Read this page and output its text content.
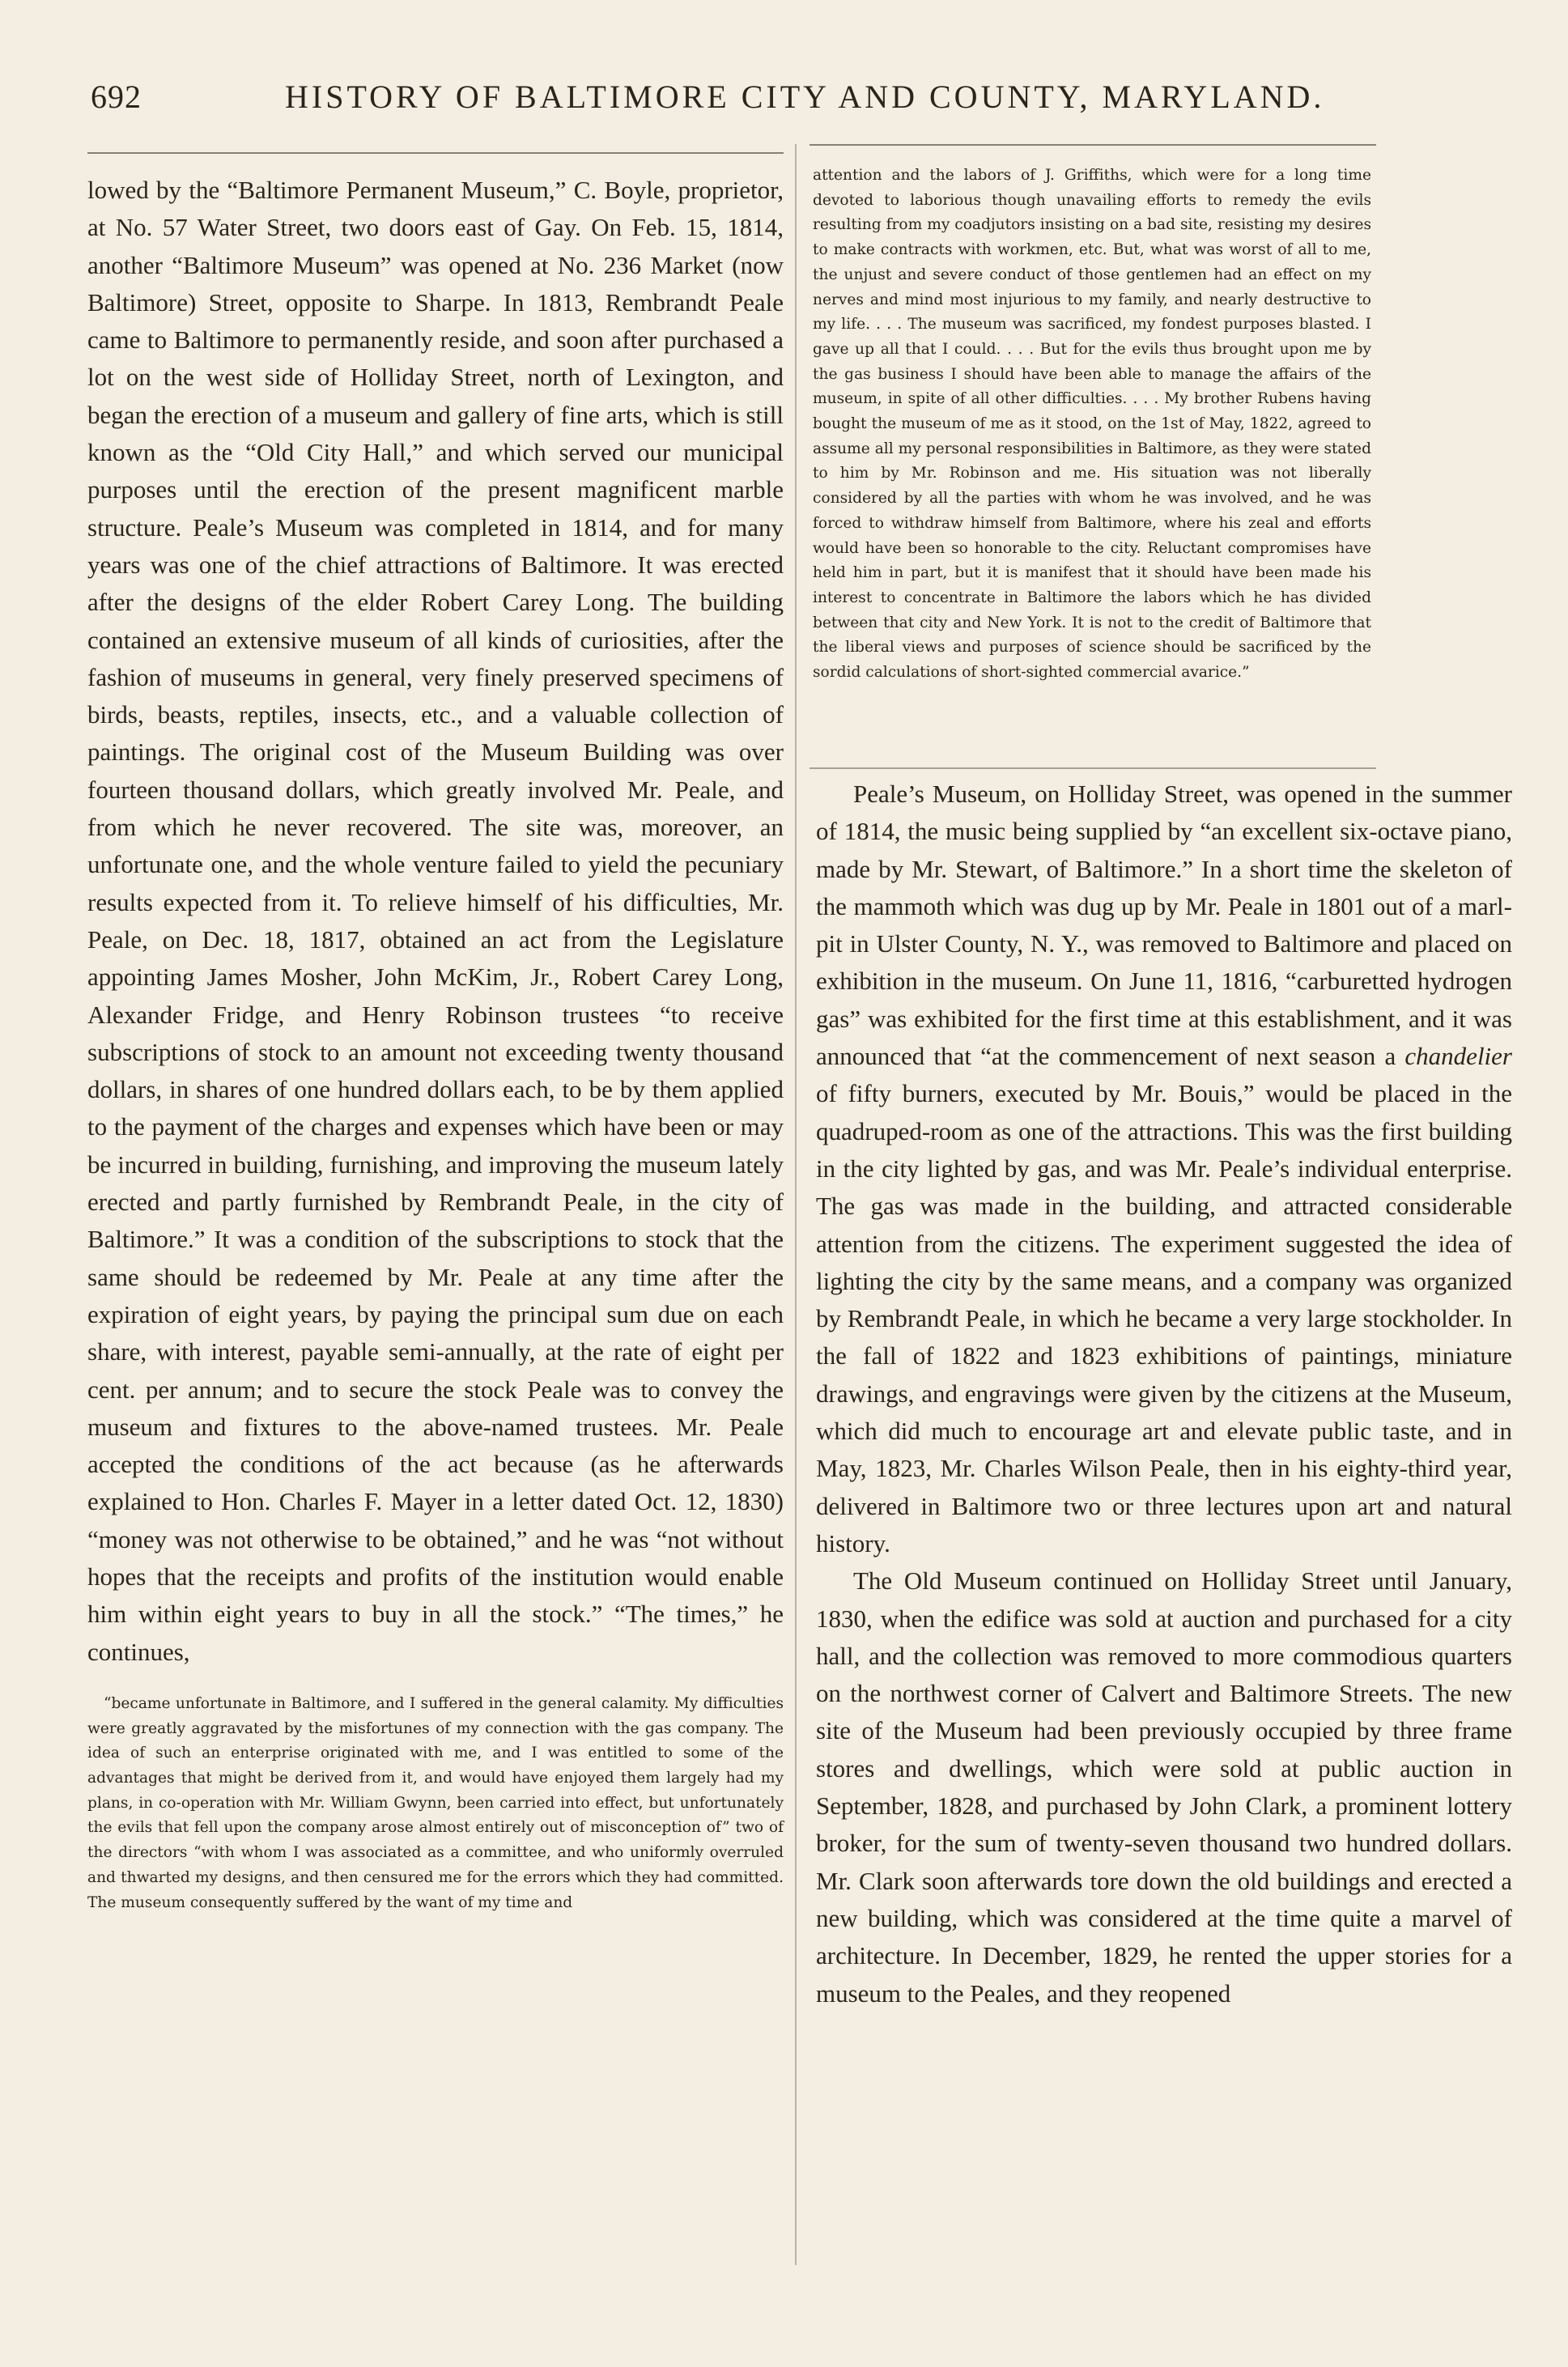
692	HISTORY OF BALTIMORE CITY AND COUNTY, MARYLAND.

lowed by the “Baltimore Permanent Museum,” C. Boyle, proprietor, at No. 57 Water Street, two doors east of Gay. On Feb. 15, 1814, another “Baltimore Museum” was opened at No. 236 Market (now Baltimore) Street, opposite to Sharpe. In 1813, Rembrandt Peale came to Baltimore to permanently reside, and soon after purchased a lot on the west side of Holliday Street, north of Lexington, and began the erection of a museum and gallery of fine arts, which is still known as the “Old City Hall,” and which served our municipal purposes until the erection of the present magnificent marble structure. Peale’s Museum was completed in 1814, and for many years was one of the chief attractions of Baltimore. It was erected after the designs of the elder Robert Carey Long. The building contained an extensive museum of all kinds of curiosities, after the fashion of museums in general, very finely preserved specimens of birds, beasts, reptiles, insects, etc., and a valuable collection of paintings. The original cost of the Museum Building was over fourteen thousand dollars, which greatly involved Mr. Peale, and from which he never recovered. The site was, moreover, an unfortunate one, and the whole venture failed to yield the pecuniary results expected from it. To relieve himself of his difficulties, Mr. Peale, on Dec. 18, 1817, obtained an act from the Legislature appointing James Mosher, John McKim, Jr., Robert Carey Long, Alexander Fridge, and Henry Robinson trustees “to receive subscriptions of stock to an amount not exceeding twenty thousand dollars, in shares of one hundred dollars each, to be by them applied to the payment of the charges and expenses which have been or may be incurred in building, furnishing, and improving the museum lately erected and partly furnished by Rembrandt Peale, in the city of Baltimore.” It was a condition of the subscriptions to stock that the same should be redeemed by Mr. Peale at any time after the expiration of eight years, by paying the principal sum due on each share, with interest, payable semi-annually, at the rate of eight per cent. per annum; and to secure the stock Peale was to convey the museum and fixtures to the above-named trustees. Mr. Peale accepted the conditions of the act because (as he afterwards explained to Hon. Charles F. Mayer in a letter dated Oct. 12, 1830) “money was not otherwise to be obtained,” and he was “not without hopes that the receipts and profits of the institution would enable him within eight years to buy in all the stock.” “The times,” he continues,

“became unfortunate in Baltimore, and I suffered in the general calamity. My difficulties were greatly aggravated by the misfortunes of my connection with the gas company. The idea of such an enterprise originated with me, and I was entitled to some of the advantages that might be derived from it, and would have enjoyed them largely had my plans, in co-operation with Mr. William Gwynn, been carried into effect, but unfortunately the evils that fell upon the company arose almost entirely out of misconception of” two of the directors “with whom I was associated as a committee, and who uniformly overruled and thwarted my designs, and then censured me for the errors which they had committed. The museum consequently suffered by the want of my time and

attention and the labors of J. Griffiths, which were for a long time devoted to laborious though unavailing efforts to remedy the evils resulting from my coadjutors insisting on a bad site, resisting my desires to make contracts with workmen, etc. But, what was worst of all to me, the unjust and severe conduct of those gentlemen had an effect on my nerves and mind most injurious to my family, and nearly destructive to my life. . . . The museum was sacrificed, my fondest purposes blasted. I gave up all that I could. . . . But for the evils thus brought upon me by the gas business I should have been able to manage the affairs of the museum, in spite of all other difficulties. . . . My brother Rubens having bought the museum of me as it stood, on the 1st of May, 1822, agreed to assume all my personal responsibilities in Baltimore, as they were stated to him by Mr. Robinson and me. His situation was not liberally considered by all the parties with whom he was involved, and he was forced to withdraw himself from Baltimore, where his zeal and efforts would have been so honorable to the city. Reluctant compromises have held him in part, but it is manifest that it should have been made his interest to concentrate in Baltimore the labors which he has divided between that city and New York. It is not to the credit of Baltimore that the liberal views and purposes of science should be sacrificed by the sordid calculations of short-sighted commercial avarice.”

Peale’s Museum, on Holliday Street, was opened in the summer of 1814, the music being supplied by “an excellent six-octave piano, made by Mr. Stewart, of Baltimore.” In a short time the skeleton of the mammoth which was dug up by Mr. Peale in 1801 out of a marl-pit in Ulster County, N. Y., was removed to Baltimore and placed on exhibition in the museum. On June 11, 1816, “carburetted hydrogen gas” was exhibited for the first time at this establishment, and it was announced that “at the commencement of next season a chandelier of fifty burners, executed by Mr. Bouis,” would be placed in the quadruped-room as one of the attractions. This was the first building in the city lighted by gas, and was Mr. Peale’s individual enterprise. The gas was made in the building, and attracted considerable attention from the citizens. The experiment suggested the idea of lighting the city by the same means, and a company was organized by Rembrandt Peale, in which he became a very large stockholder. In the fall of 1822 and 1823 exhibitions of paintings, miniature drawings, and engravings were given by the citizens at the Museum, which did much to encourage art and elevate public taste, and in May, 1823, Mr. Charles Wilson Peale, then in his eighty-third year, delivered in Baltimore two or three lectures upon art and natural history.

The Old Museum continued on Holliday Street until January, 1830, when the edifice was sold at auction and purchased for a city hall, and the collection was removed to more commodious quarters on the northwest corner of Calvert and Baltimore Streets. The new site of the Museum had been previously occupied by three frame stores and dwellings, which were sold at public auction in September, 1828, and purchased by John Clark, a prominent lottery broker, for the sum of twenty-seven thousand two hundred dollars. Mr. Clark soon afterwards tore down the old buildings and erected a new building, which was considered at the time quite a marvel of architecture. In December, 1829, he rented the upper stories for a museum to the Peales, and they reopened
